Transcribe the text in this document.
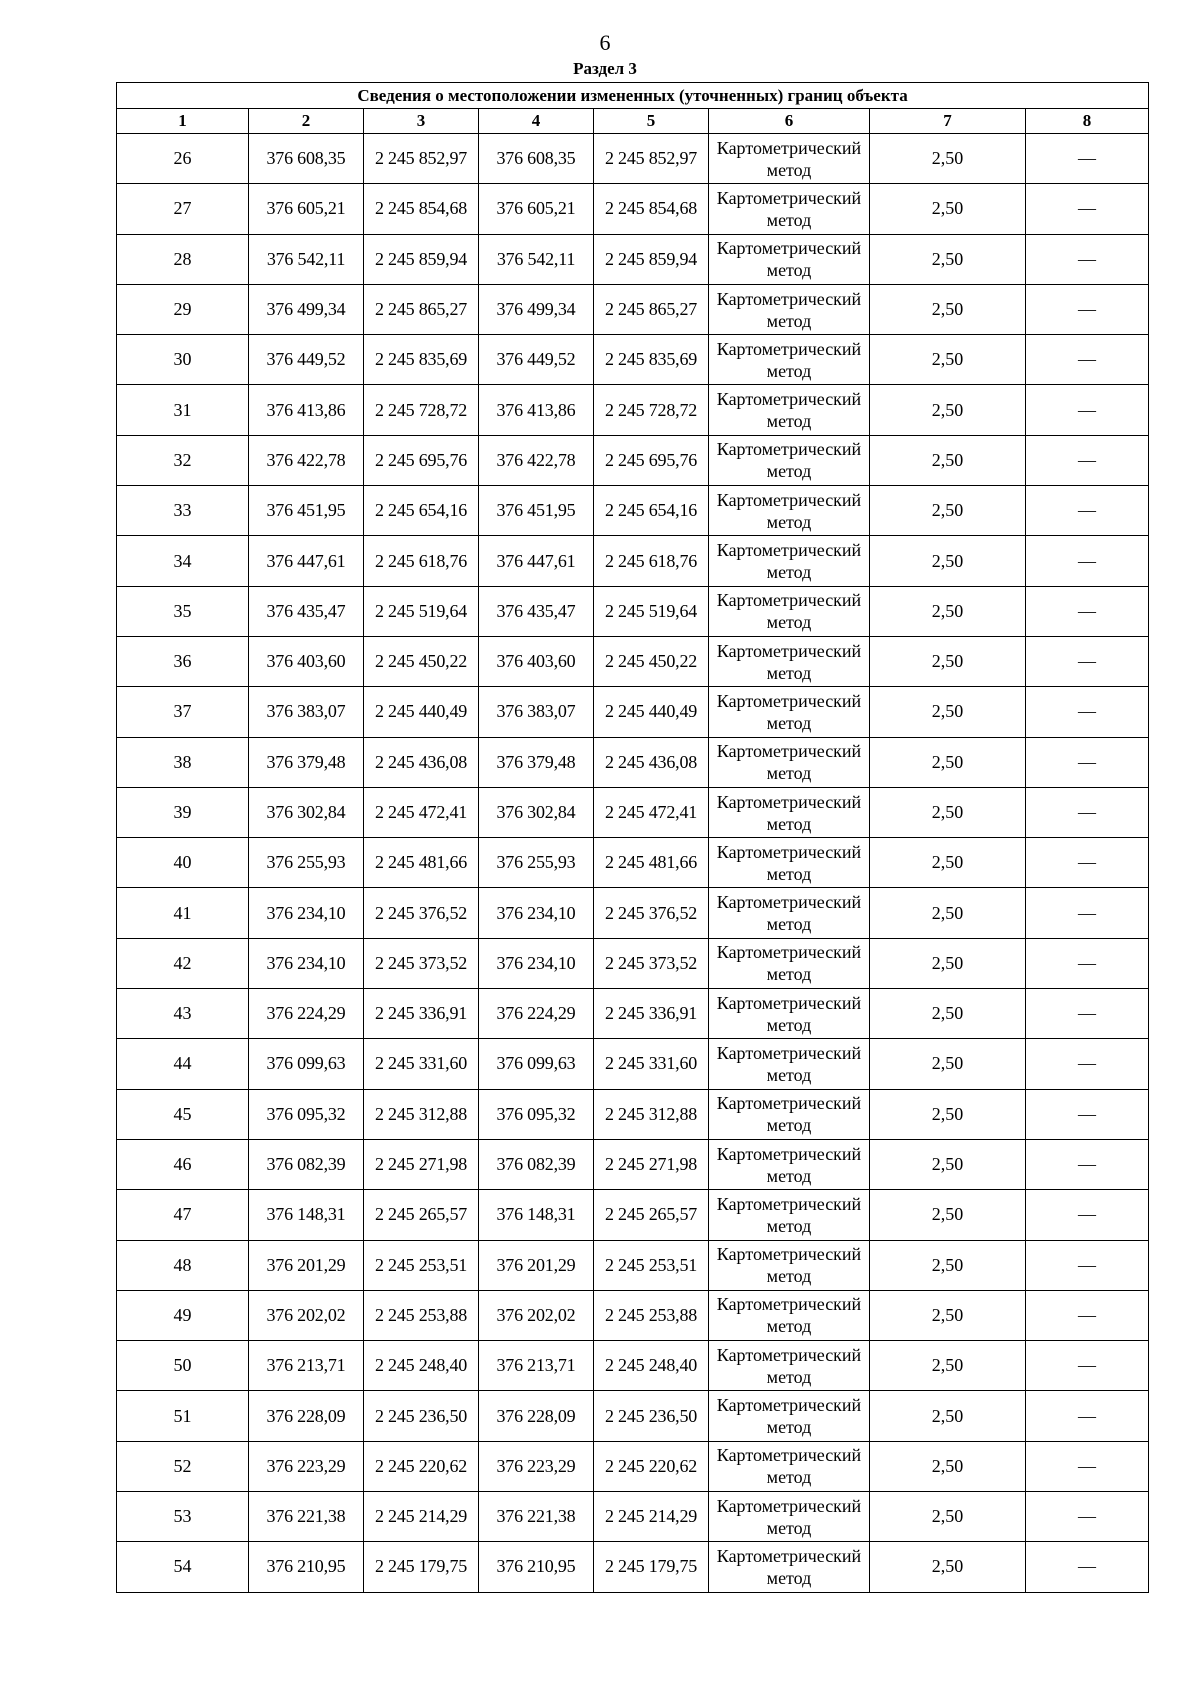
6
Раздел 3
Сведения о местоположении измененных (уточненных) границ объекта							
1	2	3	4	5	6	7	8
26	376 608,35	2 245 852,97	376 608,35	2 245 852,97	Картометрический метод	2,50	—
27	376 605,21	2 245 854,68	376 605,21	2 245 854,68	Картометрический метод	2,50	—
28	376 542,11	2 245 859,94	376 542,11	2 245 859,94	Картометрический метод	2,50	—
29	376 499,34	2 245 865,27	376 499,34	2 245 865,27	Картометрический метод	2,50	—
30	376 449,52	2 245 835,69	376 449,52	2 245 835,69	Картометрический метод	2,50	—
31	376 413,86	2 245 728,72	376 413,86	2 245 728,72	Картометрический метод	2,50	—
32	376 422,78	2 245 695,76	376 422,78	2 245 695,76	Картометрический метод	2,50	—
33	376 451,95	2 245 654,16	376 451,95	2 245 654,16	Картометрический метод	2,50	—
34	376 447,61	2 245 618,76	376 447,61	2 245 618,76	Картометрический метод	2,50	—
35	376 435,47	2 245 519,64	376 435,47	2 245 519,64	Картометрический метод	2,50	—
36	376 403,60	2 245 450,22	376 403,60	2 245 450,22	Картометрический метод	2,50	—
37	376 383,07	2 245 440,49	376 383,07	2 245 440,49	Картометрический метод	2,50	—
38	376 379,48	2 245 436,08	376 379,48	2 245 436,08	Картометрический метод	2,50	—
39	376 302,84	2 245 472,41	376 302,84	2 245 472,41	Картометрический метод	2,50	—
40	376 255,93	2 245 481,66	376 255,93	2 245 481,66	Картометрический метод	2,50	—
41	376 234,10	2 245 376,52	376 234,10	2 245 376,52	Картометрический метод	2,50	—
42	376 234,10	2 245 373,52	376 234,10	2 245 373,52	Картометрический метод	2,50	—
43	376 224,29	2 245 336,91	376 224,29	2 245 336,91	Картометрический метод	2,50	—
44	376 099,63	2 245 331,60	376 099,63	2 245 331,60	Картометрический метод	2,50	—
45	376 095,32	2 245 312,88	376 095,32	2 245 312,88	Картометрический метод	2,50	—
46	376 082,39	2 245 271,98	376 082,39	2 245 271,98	Картометрический метод	2,50	—
47	376 148,31	2 245 265,57	376 148,31	2 245 265,57	Картометрический метод	2,50	—
48	376 201,29	2 245 253,51	376 201,29	2 245 253,51	Картометрический метод	2,50	—
49	376 202,02	2 245 253,88	376 202,02	2 245 253,88	Картометрический метод	2,50	—
50	376 213,71	2 245 248,40	376 213,71	2 245 248,40	Картометрический метод	2,50	—
51	376 228,09	2 245 236,50	376 228,09	2 245 236,50	Картометрический метод	2,50	—
52	376 223,29	2 245 220,62	376 223,29	2 245 220,62	Картометрический метод	2,50	—
53	376 221,38	2 245 214,29	376 221,38	2 245 214,29	Картометрический метод	2,50	—
54	376 210,95	2 245 179,75	376 210,95	2 245 179,75	Картометрический метод	2,50	—
